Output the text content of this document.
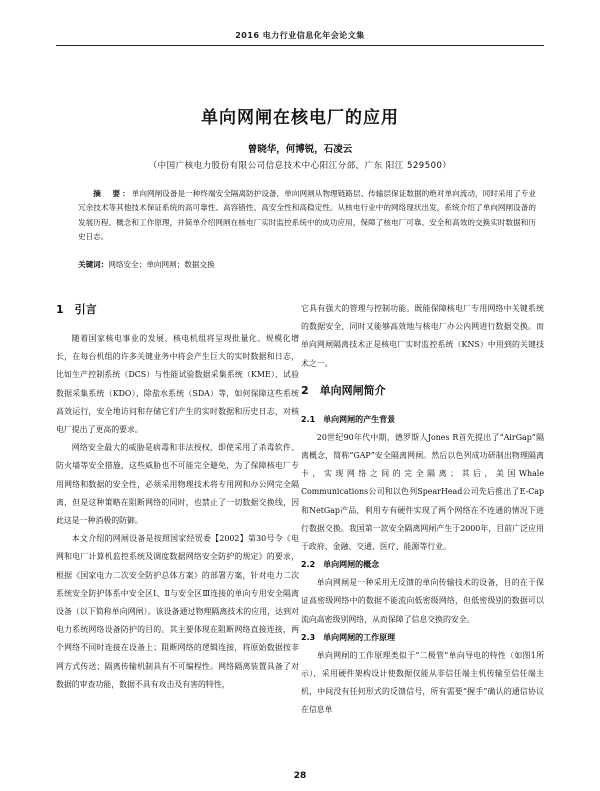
2016 电力行业信息化年会论文集
单向网闸在核电厂的应用
曾晓华，何博锐，石凌云
（中国广核电力股份有限公司信息技术中心阳江分部，广东 阳江 529500）
摘　要：单向网闸设备是一种终端安全隔离防护设备，单向网闸从物理链路层、传输层保证数据的绝对单向流动，同时采用了专业冗余技术等其他技术保证系统的高可靠性、高容错性、高安全性和高稳定性。从核电行业中的网络现状出发，系统介绍了单向网闸设备的发展历程、概念和工作原理，并简单介绍网闸在核电厂实时监控系统中的成功应用，保障了核电厂可靠、安全和高效的交换实时数据和历史日志。
关键词：网络安全；单向网闸；数据交换
1　引言

随着国家核电事业的发展，核电机组将呈现批量化、规模化增长，在每台机组的许多关键业务中将会产生巨大的实时数据和日志，比如生产控制系统（DCS）与性能试验数据采集系统（KME）、试验数据采集系统（KDO）、除盐水系统（SDA）等，如何保障这些系统高效运行，安全地访问和存储它们产生的实时数据和历史日志，对核电厂提出了更高的要求。

网络安全最大的威胁是病毒和非法授权，即使采用了杀毒软件、防火墙等安全措施，这些威胁也不可能完全避免，为了保障核电厂专用网络和数据的安全性，必须采用物理技术将专用网和办公网完全隔离，但是这种策略在阻断网络的同时，也禁止了一切数据交换线，因此这是一种消极的防御。

本文介绍的网闸设备是按照国家经贸委【2002】第30号令《电网和电厂计算机监控系统及调度数据网络安全防护的规定》的要求，根据《国家电力二次安全防护总体方案》的部署方案，针对电力二次系统安全防护体系中安全区Ⅰ、Ⅱ与安全区Ⅲ连接的单向专用安全隔离设备（以下简称单向网闸）。该设备通过物理隔离技术的应用，达到对电力系统网络设备防护的目的。其主要体现在阻断网络直接连接，两个网络不同时连接在设备上；阻断网络的逻辑连接，将原始数据按非网方式传送；隔离传输机制具有不可编程性。网络隔离装置具备了对数据的审查功能，数据不具有攻击及有害的特性，

它具有强大的管理与控制功能。既能保障核电厂专用网络中关键系统的数据安全，同时又能够高效地与核电厂办公内网进行数据交换。而单向网闸隔离技术正是核电厂实时监控系统（KNS）中用到的关键技术之一。

2　单向网闸简介
2.1　单向网闸的产生背景

20世纪90年代中期，德罗斯人Jones R首先提出了“AirGap”隔离概念，简称“GAP”安全隔离网闸。然后以色列成功研制出物理隔离卡，实现网络之间的完全隔离；其后，美国Whale Communications公司和以色列SpearHead公司先后推出了E-Cap和NetGap产品，利用专有硬件实现了两个网络在不连通的情况下进行数据交换。我国第一款安全隔离网闸产生于2000年，目前广泛应用于政府、金融、交通、医疗、能源等行业。

2.2　单向网闸的概念

单向网闸是一种采用无反馈的单向传输技术的设备，目的在于保证高密级网络中的数据不能流向低密级网络，但低密级别的数据可以流向高密级别网络，从而保障了信息交换的安全。

2.3　单向网闸的工作原理

单向网闸的工作原理类似于“二极管”单向导电的特性（如图1所示），采用硬件架构设计使数据仅能从非信任端主机传输至信任端主机，中间没有任何形式的反馈信号，所有需要“握手”确认的通信协议在信息单

28
